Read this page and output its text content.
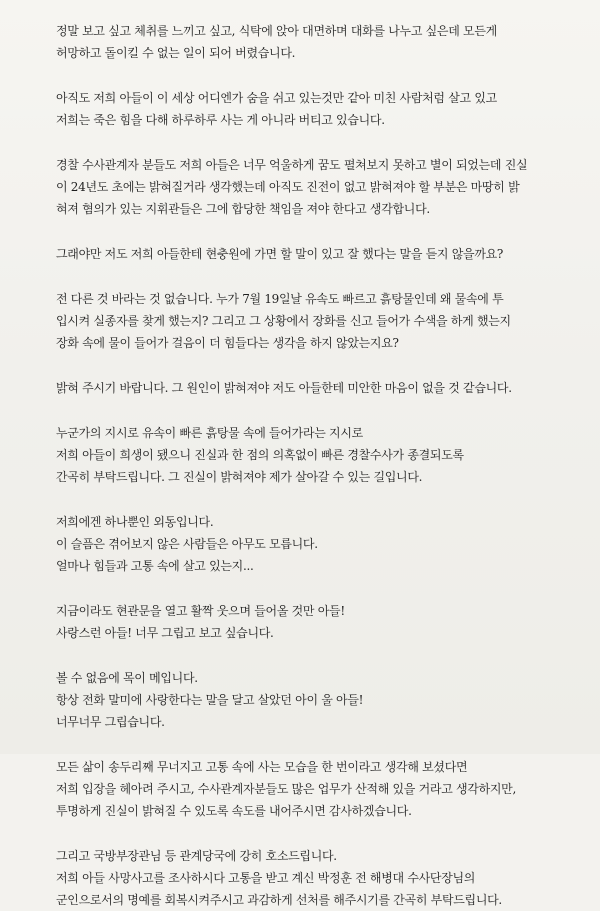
정말 보고 싶고 체취를 느끼고 싶고, 식탁에 앉아 대면하며 대화를 나누고 싶은데 모든게
허망하고 돌이킬 수 없는 일이 되어 버렸습니다.
아직도 저희 아들이 이 세상 어디엔가 숨을 쉬고 있는것만 같아 미친 사람처럼 살고 있고
저희는 죽은 힘을 다해 하루하루 사는 게 아니라 버티고 있습니다.
경찰 수사관계자 분들도 저희 아들은 너무 억울하게 꿈도 펼쳐보지 못하고 별이 되었는데 진실
이 24년도 초에는 밝혀질거라 생각했는데 아직도 진전이 없고 밝혀져야 할 부분은 마땅히 밝
혀져 혐의가 있는 지휘관들은 그에 합당한 책임을 져야 한다고 생각합니다.
그래야만 저도 저희 아들한테 현충원에 가면 할 말이 있고 잘 했다는 말을 듣지 않을까요?
전 다른 것 바라는 것 없습니다. 누가 7월 19일날 유속도 빠르고 흙탕물인데 왜 물속에 투
입시켜 실종자를 찾게 했는지? 그리고 그 상황에서 장화를 신고 들어가 수색을 하게 했는지
장화 속에 물이 들어가 걸음이 더 힘들다는 생각을 하지 않았는지요?
밝혀 주시기 바랍니다. 그 원인이 밝혀져야 저도 아들한테 미안한 마음이 없을 것 같습니다.
누군가의 지시로 유속이 빠른 흙탕물 속에 들어가라는 지시로
저희 아들이 희생이 됐으니 진실과 한 점의 의혹없이 빠른 경찰수사가 종결되도록
간곡히 부탁드립니다. 그 진실이 밝혀져야 제가 살아갈 수 있는 길입니다.
저희에겐 하나뿐인 외동입니다.
이 슬픔은 겪어보지 않은 사람들은 아무도 모릅니다.
얼마나 힘들과 고통 속에 살고 있는지...
지금이라도 현관문을 열고 활짝 웃으며 들어올 것만 아들!
사랑스런 아들! 너무 그립고 보고 싶습니다.
볼 수 없음에 목이 메입니다.
항상 전화 말미에 사랑한다는 말을 달고 살았던 아이 울 아들!
너무너무 그립습니다.
모든 삶이 송두리째 무너지고 고통 속에 사는 모습을 한 번이라고 생각해 보셨다면
저희 입장을 헤아려 주시고, 수사관계자분들도 많은 업무가 산적해 있을 거라고 생각하지만,
투명하게 진실이 밝혀질 수 있도록 속도를 내어주시면 감사하겠습니다.
그리고 국방부장관님 등 관계당국에 강히 호소드립니다.
저희 아들 사망사고를 조사하시다 고통을 받고 계신 박정훈 전 해병대 수사단장님의
군인으로서의 명예를 회복시켜주시고 과감하게 선처를 해주시기를 간곡히 부탁드립니다.
